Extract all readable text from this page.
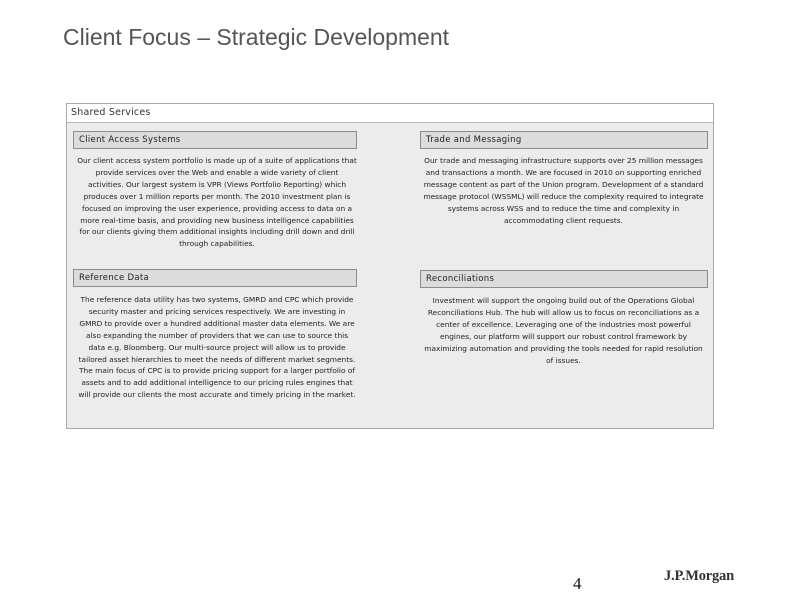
Client Focus – Strategic Development
Shared Services
Client Access Systems
Our client access system portfolio is made up of a suite of applications that provide services over the Web and enable a wide variety of client activities. Our largest system is VPR (Views Portfolio Reporting) which produces over 1 million reports per month. The 2010 investment plan is focused on improving the user experience, providing access to data on a more real-time basis, and providing new business intelligence capabilities for our clients giving them additional insights including drill down and drill through capabilities.
Trade and Messaging
Our trade and messaging infrastructure supports over 25 million messages and transactions a month. We are focused in 2010 on supporting enriched message content as part of the Union program. Development of a standard message protocol (WSSML) will reduce the complexity required to integrate systems across WSS and to reduce the time and complexity in accommodating client requests.
Reference Data
The reference data utility has two systems, GMRD and CPC which provide security master and pricing services respectively. We are investing in GMRD to provide over a hundred additional master data elements. We are also expanding the number of providers that we can use to source this data e.g. Bloomberg. Our multi-source project will allow us to provide tailored asset hierarchies to meet the needs of different market segments. The main focus of CPC is to provide pricing support for a larger portfolio of assets and to add additional intelligence to our pricing rules engines that will provide our clients the most accurate and timely pricing in the market.
Reconciliations
Investment will support the ongoing build out of the Operations Global Reconciliations Hub. The hub will allow us to focus on reconciliations as a center of excellence. Leveraging one of the industries most powerful engines, our platform will support our robust control framework by maximizing automation and providing the tools needed for rapid resolution of issues.
4	J.P.Morgan
